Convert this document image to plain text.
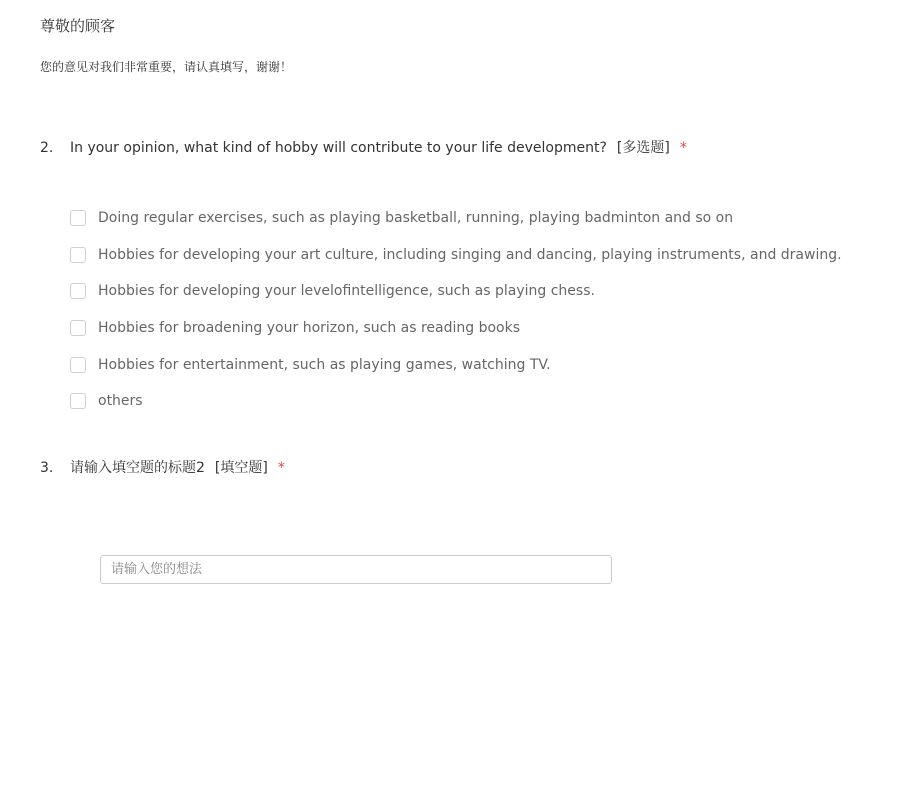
尊敬的顾客
您的意见对我们非常重要，请认真填写，谢谢！
2. In your opinion, what kind of hobby will contribute to your life development? [多选题] *
Doing regular exercises, such as playing basketball, running, playing badminton and so on
Hobbies for developing your art culture, including singing and dancing, playing instruments, and drawing.
Hobbies for developing your levelofintelligence, such as playing chess.
Hobbies for broadening your horizon, such as reading books
Hobbies for entertainment, such as playing games, watching TV.
others
3. 请输入填空题的标题2 [填空题] *
请输入您的想法
